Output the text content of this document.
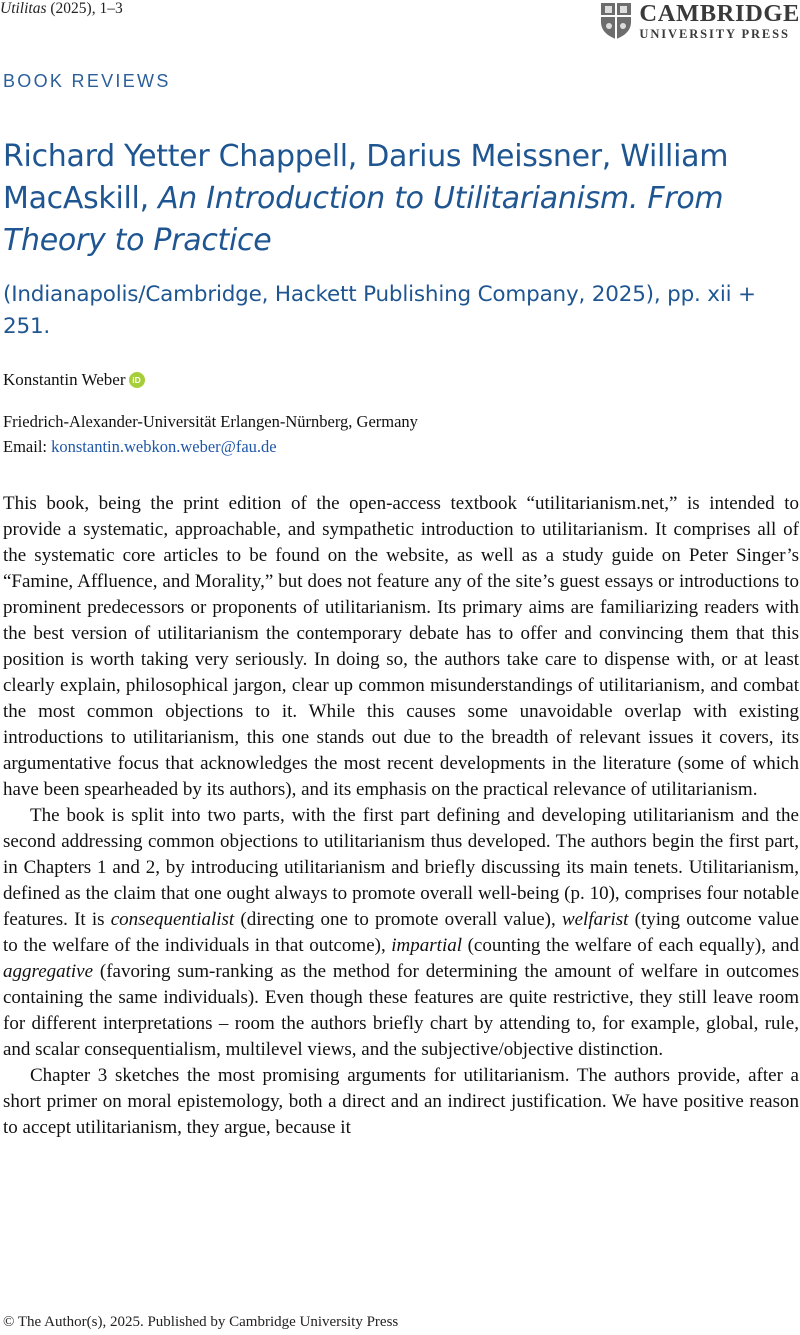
Utilitas (2025), 1–3	CAMBRIDGE
UNIVERSITY PRESS
BOOK REVIEWS
Richard Yetter Chappell, Darius Meissner, William MacAskill, An Introduction to Utilitarianism. From Theory to Practice
(Indianapolis/Cambridge, Hackett Publishing Company, 2025), pp. xii + 251.
Konstantin Weber iD
Friedrich-Alexander-Universität Erlangen-Nürnberg, Germany
Email: konstantin.webkon.weber@fau.de

This book, being the print edition of the open-access textbook “utilitarianism.net,” is intended to provide a systematic, approachable, and sympathetic introduction to utilitarianism. It comprises all of the systematic core articles to be found on the website, as well as a study guide on Peter Singer’s “Famine, Affluence, and Morality,” but does not feature any of the site’s guest essays or introductions to prominent predecessors or proponents of utilitarianism. Its primary aims are familiarizing readers with the best version of utilitarianism the contemporary debate has to offer and convincing them that this position is worth taking very seriously. In doing so, the authors take care to dispense with, or at least clearly explain, philosophical jargon, clear up common misunderstandings of utilitarianism, and combat the most common objections to it. While this causes some unavoidable overlap with existing introductions to utilitarianism, this one stands out due to the breadth of relevant issues it covers, its argumentative focus that acknowledges the most recent developments in the literature (some of which have been spearheaded by its authors), and its emphasis on the practical relevance of utilitarianism.

The book is split into two parts, with the first part defining and developing utilitarianism and the second addressing common objections to utilitarianism thus developed. The authors begin the first part, in Chapters 1 and 2, by introducing utilitarianism and briefly discussing its main tenets. Utilitarianism, defined as the claim that one ought always to promote overall well-being (p. 10), comprises four notable features. It is consequentialist (directing one to promote overall value), welfarist (tying outcome value to the welfare of the individuals in that outcome), impartial (counting the welfare of each equally), and aggregative (favoring sum-ranking as the method for determining the amount of welfare in outcomes containing the same individuals). Even though these features are quite restrictive, they still leave room for different interpretations – room the authors briefly chart by attending to, for example, global, rule, and scalar consequentialism, multilevel views, and the subjective/objective distinction.

Chapter 3 sketches the most promising arguments for utilitarianism. The authors provide, after a short primer on moral epistemology, both a direct and an indirect justification. We have positive reason to accept utilitarianism, they argue, because it

© The Author(s), 2025. Published by Cambridge University Press
